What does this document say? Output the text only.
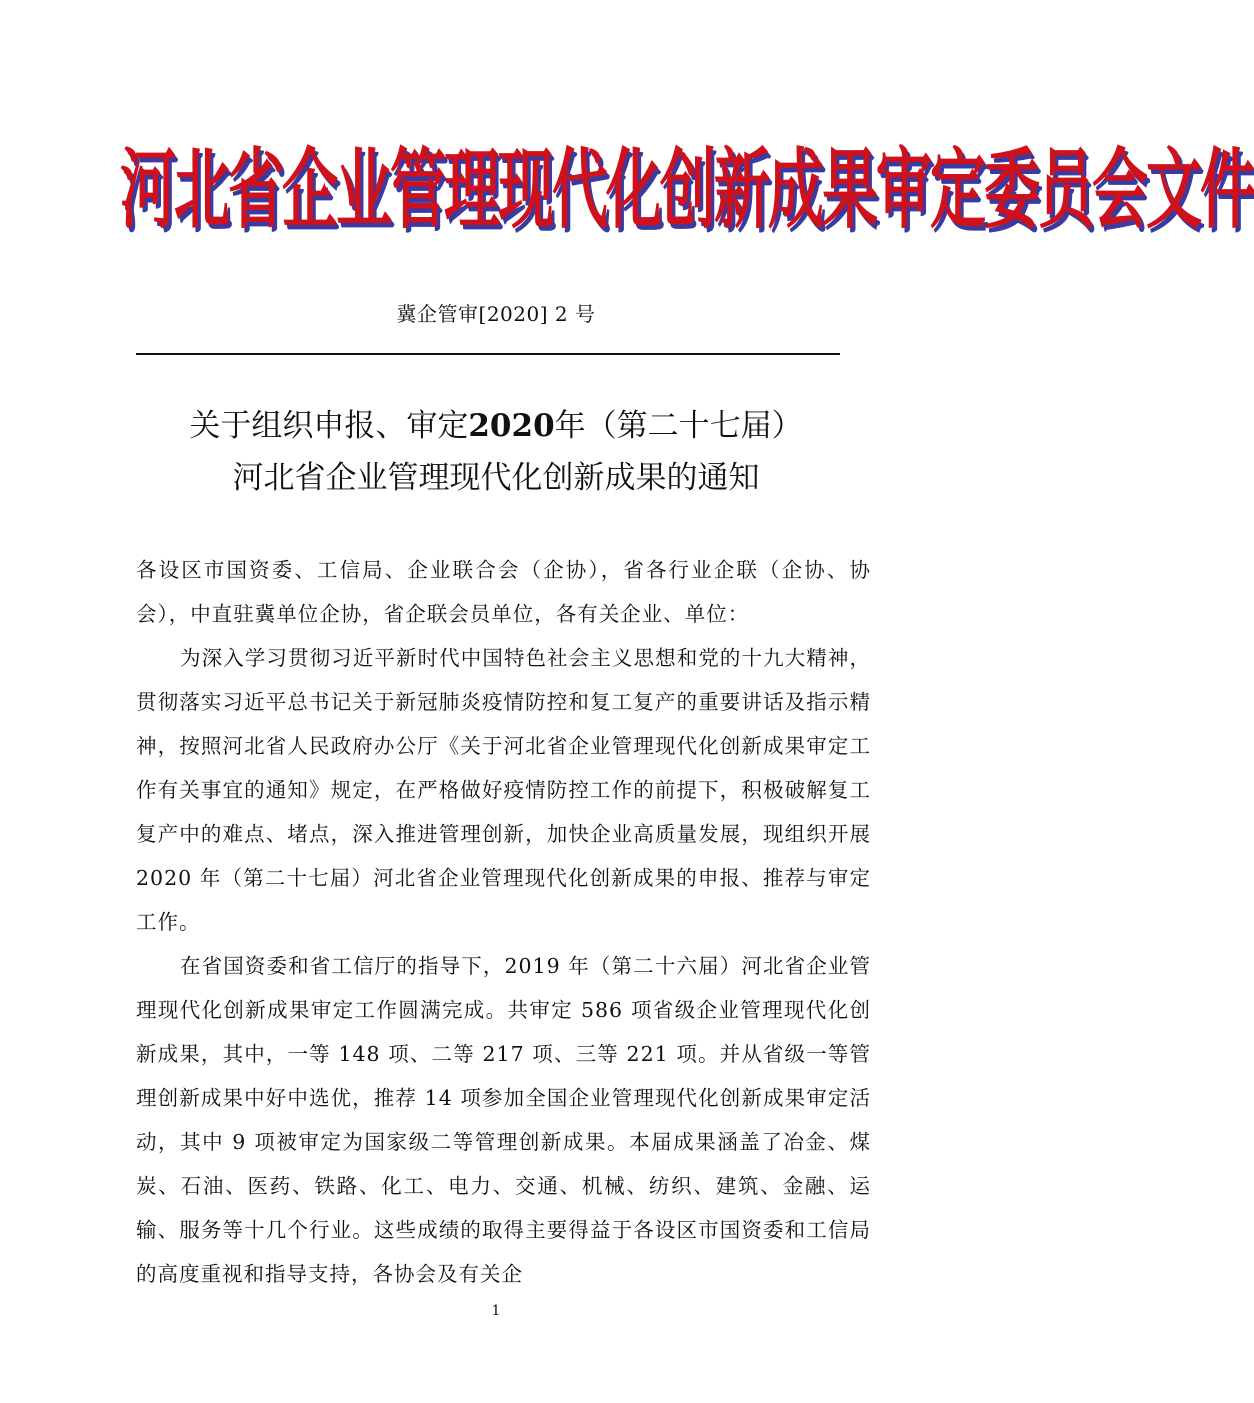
河北省企业管理现代化创新成果审定委员会文件
冀企管审[2020] 2 号
关于组织申报、审定2020年（第二十七届）
河北省企业管理现代化创新成果的通知

各设区市国资委、工信局、企业联合会（企协），省各行业企联（企协、协会），中直驻冀单位企协，省企联会员单位，各有关企业、单位：

为深入学习贯彻习近平新时代中国特色社会主义思想和党的十九大精神，贯彻落实习近平总书记关于新冠肺炎疫情防控和复工复产的重要讲话及指示精神，按照河北省人民政府办公厅《关于河北省企业管理现代化创新成果审定工作有关事宜的通知》规定，在严格做好疫情防控工作的前提下，积极破解复工复产中的难点、堵点，深入推进管理创新，加快企业高质量发展，现组织开展 2020 年（第二十七届）河北省企业管理现代化创新成果的申报、推荐与审定工作。

在省国资委和省工信厅的指导下，2019 年（第二十六届）河北省企业管理现代化创新成果审定工作圆满完成。共审定 586 项省级企业管理现代化创新成果，其中，一等 148 项、二等 217 项、三等 221 项。并从省级一等管理创新成果中好中选优，推荐 14 项参加全国企业管理现代化创新成果审定活动，其中 9 项被审定为国家级二等管理创新成果。本届成果涵盖了冶金、煤炭、石油、医药、铁路、化工、电力、交通、机械、纺织、建筑、金融、运输、服务等十几个行业。这些成绩的取得主要得益于各设区市国资委和工信局的高度重视和指导支持，各协会及有关企

1
